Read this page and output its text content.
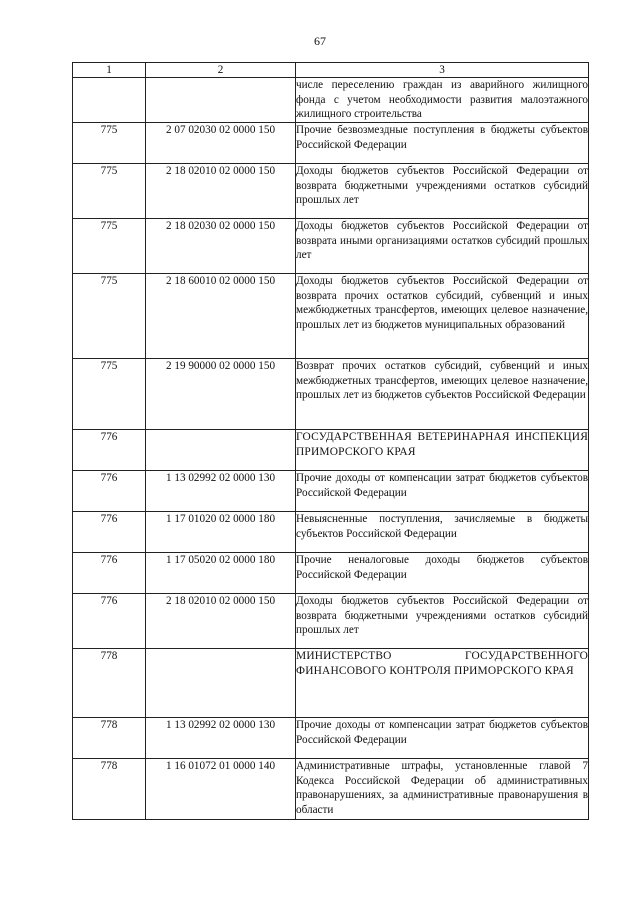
67
1	2	3
		числе переселению граждан из аварийного жилищного фонда с учетом необходимости развития малоэтажного жилищного строительства
775	2 07 02030 02 0000 150	Прочие безвозмездные поступления в бюджеты субъектов Российской Федерации
775	2 18 02010 02 0000 150	Доходы бюджетов субъектов Российской Федерации от возврата бюджетными учреждениями остатков субсидий прошлых лет
775	2 18 02030 02 0000 150	Доходы бюджетов субъектов Российской Федерации от возврата иными организациями остатков субсидий прошлых лет
775	2 18 60010 02 0000 150	Доходы бюджетов субъектов Российской Федерации от возврата прочих остатков субсидий, субвенций и иных межбюджетных трансфертов, имеющих целевое назначение, прошлых лет из бюджетов муниципальных образований
775	2 19 90000 02 0000 150	Возврат прочих остатков субсидий, субвенций и иных межбюджетных трансфертов, имеющих целевое назначение, прошлых лет из бюджетов субъектов Российской Федерации
776		ГОСУДАРСТВЕННАЯ ВЕТЕРИНАРНАЯ ИНСПЕКЦИЯ ПРИМОРСКОГО КРАЯ
776	1 13 02992 02 0000 130	Прочие доходы от компенсации затрат бюджетов субъектов Российской Федерации
776	1 17 01020 02 0000 180	Невыясненные поступления, зачисляемые в бюджеты субъектов Российской Федерации
776	1 17 05020 02 0000 180	Прочие неналоговые доходы бюджетов субъектов Российской Федерации
776	2 18 02010 02 0000 150	Доходы бюджетов субъектов Российской Федерации от возврата бюджетными учреждениями остатков субсидий прошлых лет
778		МИНИСТЕРСТВО ГОСУДАРСТВЕННОГО ФИНАНСОВОГО КОНТРОЛЯ ПРИМОРСКОГО КРАЯ
778	1 13 02992 02 0000 130	Прочие доходы от компенсации затрат бюджетов субъектов Российской Федерации
778	1 16 01072 01 0000 140	Административные штрафы, установленные главой 7 Кодекса Российской Федерации об административных правонарушениях, за административные правонарушения в области
